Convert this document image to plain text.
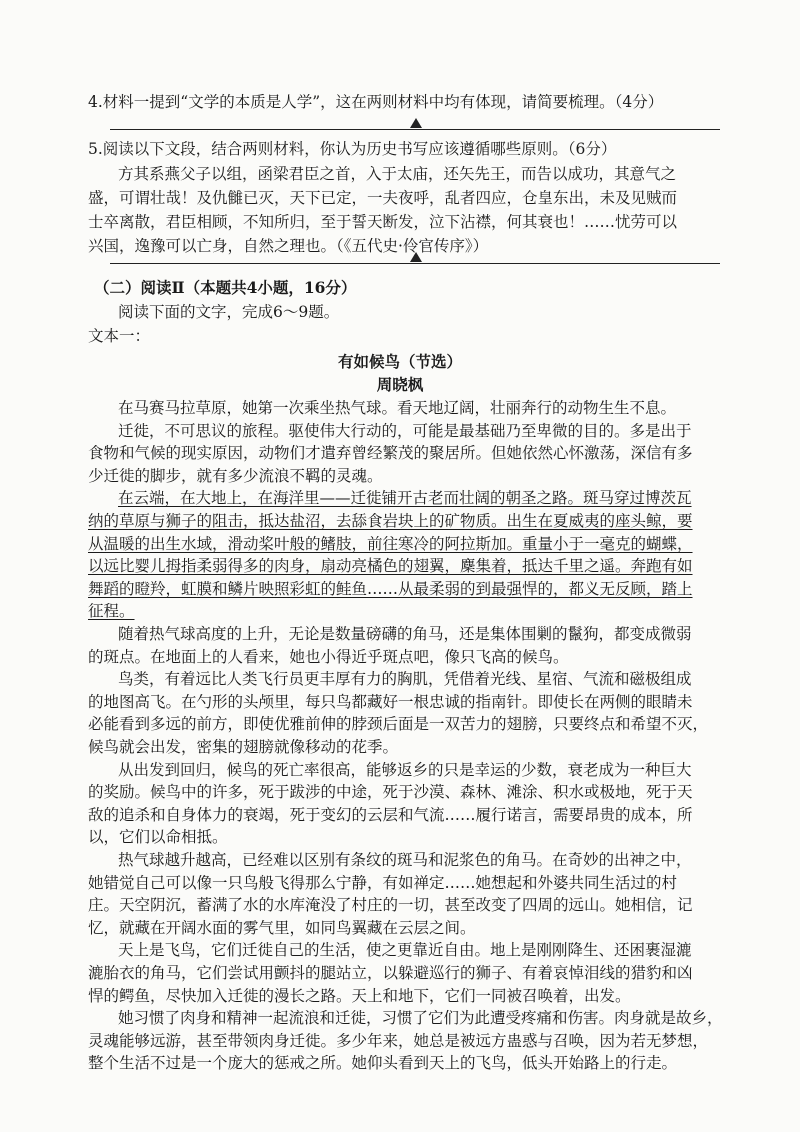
4.材料一提到“文学的本质是人学”，这在两则材料中均有体现，请简要梳理。（4分）
5.阅读以下文段，结合两则材料，你认为历史书写应该遵循哪些原则。（6分）
方其系燕父子以组，函梁君臣之首，入于太庙，还矢先王，而告以成功，其意气之
盛，可谓壮哉！及仇雠已灭，天下已定，一夫夜呼，乱者四应，仓皇东出，未及见贼而
士卒离散，君臣相顾，不知所归，至于誓天断发，泣下沾襟，何其衰也！……忧劳可以
兴国，逸豫可以亡身，自然之理也。（《五代史·伶官传序》）
（二）阅读Ⅱ（本题共4小题，16分）
阅读下面的文字，完成6～9题。
文本一：
有如候鸟（节选）
周晓枫
在马赛马拉草原，她第一次乘坐热气球。看天地辽阔，壮丽奔行的动物生生不息。
迁徙，不可思议的旅程。驱使伟大行动的，可能是最基础乃至卑微的目的。多是出于
食物和气候的现实原因，动物们才遣弃曾经繁茂的聚居所。但她依然心怀激荡，深信有多
少迁徙的脚步，就有多少流浪不羁的灵魂。
在云端，在大地上，在海洋里——迁徙铺开古老而壮阔的朝圣之路。斑马穿过博茨瓦
纳的草原与狮子的阻击，抵达盐沼，去舔食岩块上的矿物质。出生在夏威夷的座头鲸，要
从温暖的出生水域，滑动桨叶般的鳍肢，前往寒冷的阿拉斯加。重量小于一毫克的蝴蝶，
以远比婴儿拇指柔弱得多的肉身，扇动亮橘色的翅翼，麇集着，抵达千里之遥。奔跑有如
舞蹈的瞪羚，虹膜和鳞片映照彩虹的鲑鱼……从最柔弱的到最强悍的，都义无反顾，踏上
征程。
随着热气球高度的上升，无论是数量磅礴的角马，还是集体围剿的鬣狗，都变成微弱
的斑点。在地面上的人看来，她也小得近乎斑点吧，像只飞高的候鸟。
鸟类，有着远比人类飞行员更丰厚有力的胸肌，凭借着光线、星宿、气流和磁极组成
的地图高飞。在勺形的头颅里，每只鸟都藏好一根忠诚的指南针。即使长在两侧的眼睛未
必能看到多远的前方，即使优雅前伸的脖颈后面是一双苦力的翅膀，只要终点和希望不灭，
候鸟就会出发，密集的翅膀就像移动的花季。
从出发到回归，候鸟的死亡率很高，能够返乡的只是幸运的少数，衰老成为一种巨大
的奖励。候鸟中的许多，死于跋涉的中途，死于沙漠、森林、滩涂、积水或极地，死于天
敌的追杀和自身体力的衰竭，死于变幻的云层和气流……履行诺言，需要昂贵的成本，所
以，它们以命相抵。
热气球越升越高，已经难以区别有条纹的斑马和泥浆色的角马。在奇妙的出神之中，
她错觉自己可以像一只鸟般飞得那么宁静，有如禅定……她想起和外婆共同生活过的村
庄。天空阴沉，蓄满了水的水库淹没了村庄的一切，甚至改变了四周的远山。她相信，记
忆，就藏在开阔水面的雾气里，如同鸟翼藏在云层之间。
天上是飞鸟，它们迁徙自己的生活，使之更靠近自由。地上是刚刚降生、还困裹湿漉
漉胎衣的角马，它们尝试用颤抖的腿站立，以躲避巡行的狮子、有着哀悼泪线的猎豹和凶
悍的鳄鱼，尽快加入迁徙的漫长之路。天上和地下，它们一同被召唤着，出发。
她习惯了肉身和精神一起流浪和迁徙，习惯了它们为此遭受疼痛和伤害。肉身就是故乡，
灵魂能够远游，甚至带领肉身迁徙。多少年来，她总是被远方蛊惑与召唤，因为若无梦想，
整个生活不过是一个庞大的惩戒之所。她仰头看到天上的飞鸟，低头开始路上的行走。
